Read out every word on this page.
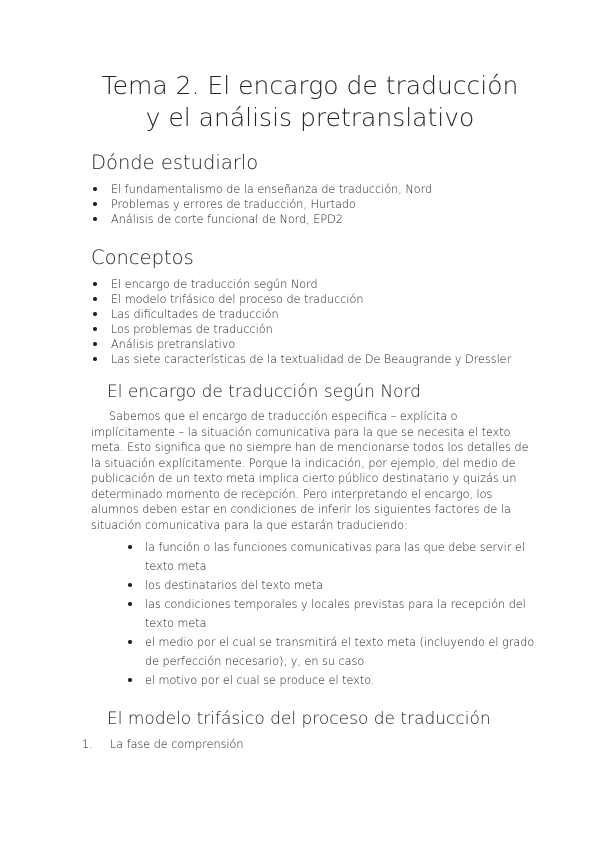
Tema 2. El encargo de traducción
y el análisis pretranslativo
Dónde estudiarlo
El fundamentalismo de la enseñanza de traducción, Nord
Problemas y errores de traducción, Hurtado
Análisis de corte funcional de Nord, EPD2
Conceptos
El encargo de traducción según Nord
El modelo trifásico del proceso de traducción
Las dificultades de traducción
Los problemas de traducción
Análisis pretranslativo
Las siete características de la textualidad de De Beaugrande y Dressler
El encargo de traducción según Nord

Sabemos que el encargo de traducción especifica – explícita o implícitamente – la situación comunicativa para la que se necesita el texto meta. Esto significa que no siempre han de mencionarse todos los detalles de la situación explícitamente. Porque la indicación, por ejemplo, del medio de publicación de un texto meta implica cierto público destinatario y quizás un determinado momento de recepción. Pero interpretando el encargo, los alumnos deben estar en condiciones de inferir los siguientes factores de la situación comunicativa para la que estarán traduciendo:

la función o las funciones comunicativas para las que debe servir el texto meta
los destinatarios del texto meta
las condiciones temporales y locales previstas para la recepción del texto meta
el medio por el cual se transmitirá el texto meta (incluyendo el grado de perfección necesario); y, en su caso
el motivo por el cual se produce el texto.
El modelo trifásico del proceso de traducción
1.	La fase de comprensión
